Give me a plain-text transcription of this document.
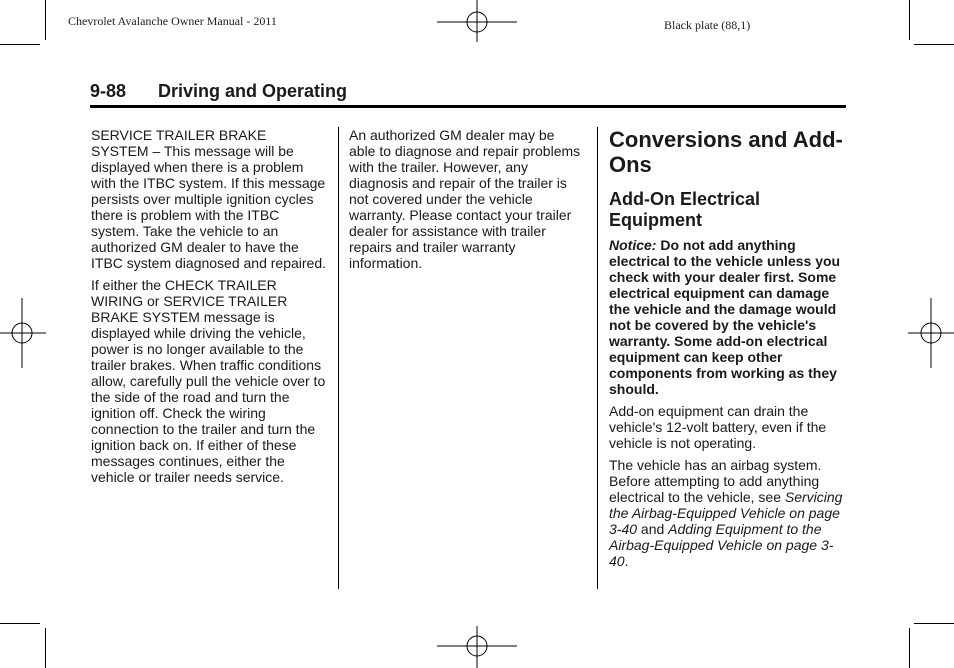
Chevrolet Avalanche Owner Manual - 2011	Black plate (88,1)
9-88 Driving and Operating

SERVICE TRAILER BRAKE SYSTEM – This message will be displayed when there is a problem with the ITBC system. If this message persists over multiple ignition cycles there is problem with the ITBC system. Take the vehicle to an authorized GM dealer to have the ITBC system diagnosed and repaired.

If either the CHECK TRAILER WIRING or SERVICE TRAILER BRAKE SYSTEM message is displayed while driving the vehicle, power is no longer available to the trailer brakes. When traffic conditions allow, carefully pull the vehicle over to the side of the road and turn the ignition off. Check the wiring connection to the trailer and turn the ignition back on. If either of these messages continues, either the vehicle or trailer needs service.

An authorized GM dealer may be able to diagnose and repair problems with the trailer. However, any diagnosis and repair of the trailer is not covered under the vehicle warranty. Please contact your trailer dealer for assistance with trailer repairs and trailer warranty information.

Conversions and Add-Ons
Add-On Electrical Equipment

Notice: Do not add anything electrical to the vehicle unless you check with your dealer first. Some electrical equipment can damage the vehicle and the damage would not be covered by the vehicle's warranty. Some add-on electrical equipment can keep other components from working as they should.

Add-on equipment can drain the vehicle's 12-volt battery, even if the vehicle is not operating.

The vehicle has an airbag system. Before attempting to add anything electrical to the vehicle, see Servicing the Airbag-Equipped Vehicle on page 3-40 and Adding Equipment to the Airbag-Equipped Vehicle on page 3-40.
